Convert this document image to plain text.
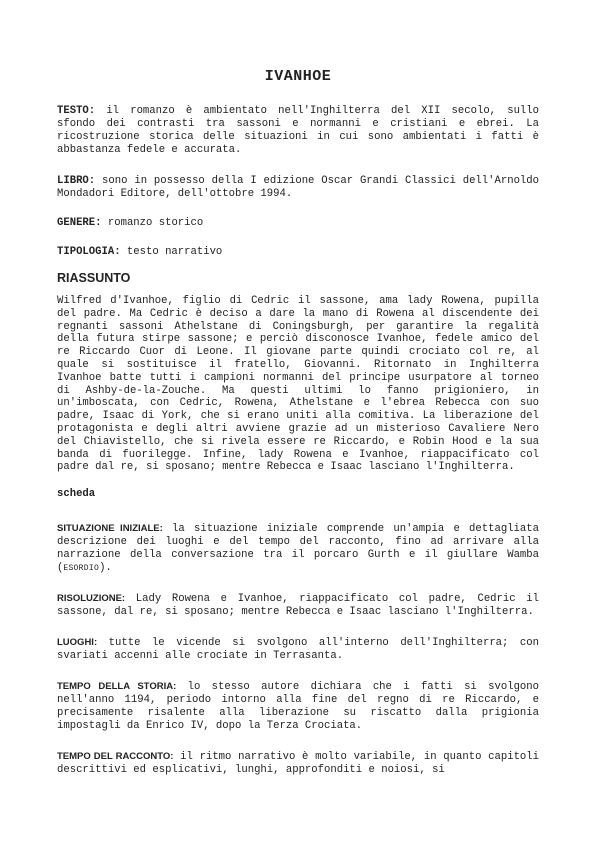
IVANHOE

TESTO: il romanzo è ambientato nell'Inghilterra del XII secolo, sullo sfondo dei contrasti tra sassoni e normanni e cristiani e ebrei. La ricostruzione storica delle situazioni in cui sono ambientati i fatti è abbastanza fedele e accurata.

LIBRO: sono in possesso della I edizione Oscar Grandi Classici dell'Arnoldo Mondadori Editore, dell'ottobre 1994.

GENERE: romanzo storico

TIPOLOGIA: testo narrativo

RIASSUNTO

Wilfred d'Ivanhoe, figlio di Cedric il sassone, ama lady Rowena, pupilla del padre. Ma Cedric è deciso a dare la mano di Rowena al discendente dei regnanti sassoni Athelstane di Coningsburgh, per garantire la regalità della futura stirpe sassone; e perciò disconosce Ivanhoe, fedele amico del re Riccardo Cuor di Leone. Il giovane parte quindi crociato col re, al quale si sostituisce il fratello, Giovanni. Ritornato in Inghilterra Ivanhoe batte tutti i campioni normanni del principe usurpatore al torneo di Ashby-de-la-Zouche. Ma questi ultimi lo fanno prigioniero, in un'imboscata, con Cedric, Rowena, Athelstane e l'ebrea Rebecca con suo padre, Isaac di York, che si erano uniti alla comitiva. La liberazione del protagonista e degli altri avviene grazie ad un misterioso Cavaliere Nero del Chiavistello, che si rivela essere re Riccardo, e Robin Hood e la sua banda di fuorilegge. Infine, lady Rowena e Ivanhoe, riappacificato col padre dal re, si sposano; mentre Rebecca e Isaac lasciano l'Inghilterra.

scheda

SITUAZIONE INIZIALE: la situazione iniziale comprende un'ampia e dettagliata descrizione dei luoghi e del tempo del racconto, fino ad arrivare alla narrazione della conversazione tra il porcaro Gurth e il giullare Wamba (ESORDIO).

RISOLUZIONE: Lady Rowena e Ivanhoe, riappacificato col padre, Cedric il sassone, dal re, si sposano; mentre Rebecca e Isaac lasciano l'Inghilterra.

LUOGHI: tutte le vicende si svolgono all'interno dell'Inghilterra; con svariati accenni alle crociate in Terrasanta.

TEMPO DELLA STORIA: lo stesso autore dichiara che i fatti si svolgono nell'anno 1194, periodo intorno alla fine del regno di re Riccardo, e precisamente risalente alla liberazione su riscatto dalla prigionia impostagli da Enrico IV, dopo la Terza Crociata.

TEMPO DEL RACCONTO: il ritmo narrativo è molto variabile, in quanto capitoli descrittivi ed esplicativi, lunghi, approfonditi e noiosi, si
